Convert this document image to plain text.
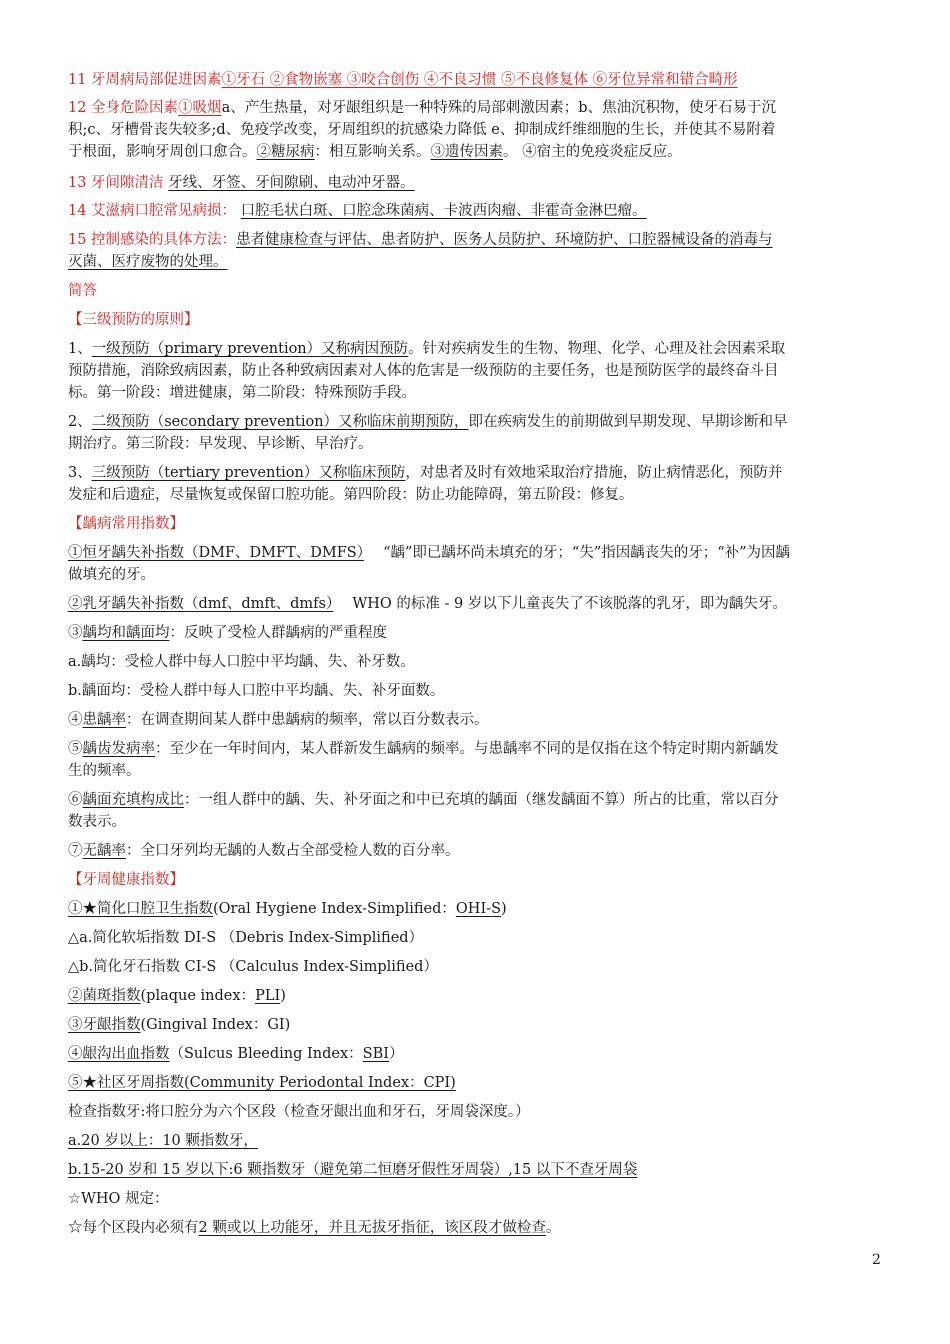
11 牙周病局部促进因素①牙石 ②食物嵌塞 ③咬合创伤 ④不良习惯 ⑤不良修复体 ⑥牙位异常和错合畸形
12 全身危险因素①吸烟a、产生热量，对牙龈组织是一种特殊的局部刺激因素；b、焦油沉积物，使牙石易于沉
积;c、牙槽骨丧失较多;d、免疫学改变，牙周组织的抗感染力降低 e、抑制成纤维细胞的生长，并使其不易附着
于根面，影响牙周创口愈合。②糖尿病：相互影响关系。③遗传因素。 ④宿主的免疫炎症反应。
13 牙间隙清洁 牙线、牙签、牙间隙刷、电动冲牙器。
14 艾滋病口腔常见病损： 口腔毛状白斑、口腔念珠菌病、卡波西肉瘤、非霍奇金淋巴瘤。
15 控制感染的具体方法：患者健康检查与评估、患者防护、医务人员防护、环境防护、口腔器械设备的消毒与
灭菌、医疗废物的处理。
简答
【三级预防的原则】
1、一级预防（primary prevention）又称病因预防。针对疾病发生的生物、物理、化学、心理及社会因素采取
预防措施，消除致病因素，防止各种致病因素对人体的危害是一级预防的主要任务，也是预防医学的最终奋斗目
标。第一阶段：增进健康，第二阶段：特殊预防手段。
2、二级预防（secondary prevention）又称临床前期预防，即在疾病发生的前期做到早期发现、早期诊断和早
期治疗。第三阶段：早发现、早诊断、早治疗。
3、三级预防（tertiary prevention）又称临床预防，对患者及时有效地采取治疗措施，防止病情恶化，预防并
发症和后遗症，尽量恢复或保留口腔功能。第四阶段：防止功能障碍，第五阶段：修复。
【龋病常用指数】
①恒牙龋失补指数（DMF、DMFT、DMFS）　 “龋”即已龋坏尚未填充的牙；“失”指因龋丧失的牙；“补”为因龋
做填充的牙。
②乳牙龋失补指数（dmf、dmft、dmfs）　 WHO 的标准 - 9 岁以下儿童丧失了不该脱落的乳牙，即为龋失牙。
③龋均和龋面均：反映了受检人群龋病的严重程度
a.龋均：受检人群中每人口腔中平均龋、失、补牙数。
b.龋面均：受检人群中每人口腔中平均龋、失、补牙面数。
④患龋率：在调查期间某人群中患龋病的频率，常以百分数表示。
⑤龋齿发病率：至少在一年时间内，某人群新发生龋病的频率。与患龋率不同的是仅指在这个特定时期内新龋发
生的频率。
⑥龋面充填构成比：一组人群中的龋、失、补牙面之和中已充填的龋面（继发龋面不算）所占的比重，常以百分
数表示。
⑦无龋率：全口牙列均无龋的人数占全部受检人数的百分率。
【牙周健康指数】
①★简化口腔卫生指数(Oral Hygiene Index-Simplified：OHI-S)
△a.简化软垢指数 DI-S （Debris Index-Simplified）
△b.简化牙石指数 CI-S （Calculus Index-Simplified）
②菌斑指数(plaque index：PLI)
③牙龈指数(Gingival Index：GI)
④龈沟出血指数（Sulcus Bleeding Index：SBI）
⑤★社区牙周指数(Community Periodontal Index：CPI)
检查指数牙:将口腔分为六个区段（检查牙龈出血和牙石，牙周袋深度。）
a.20 岁以上：10 颗指数牙，
b.15-20 岁和 15 岁以下:6 颗指数牙（避免第二恒磨牙假性牙周袋）,15 以下不查牙周袋
☆WHO 规定：
☆每个区段内必须有2 颗或以上功能牙，并且无拔牙指征，该区段才做检查。
2
